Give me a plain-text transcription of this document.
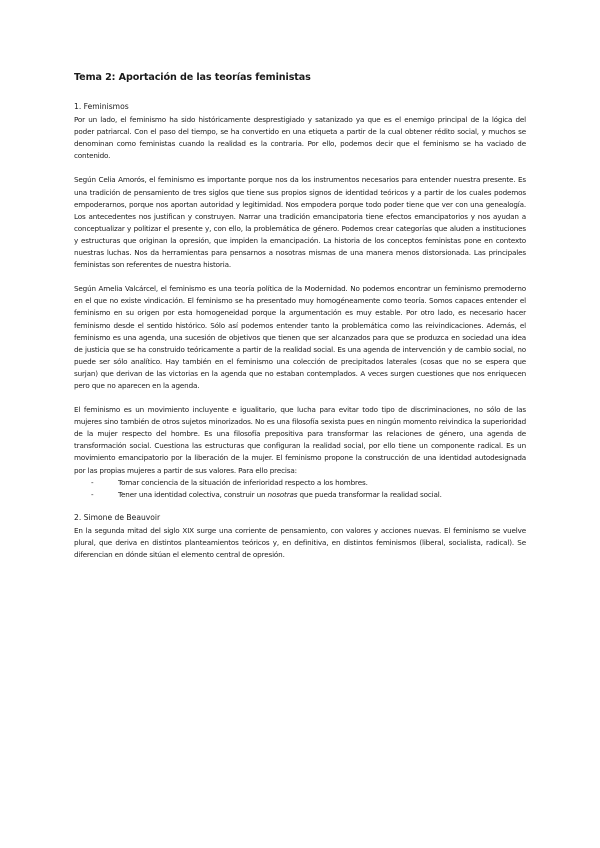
Tema 2: Aportación de las teorías feministas
1. Feminismos

Por un lado, el feminismo ha sido históricamente desprestigiado y satanizado ya que es el enemigo principal de la lógica del poder patriarcal. Con el paso del tiempo, se ha convertido en una etiqueta a partir de la cual obtener rédito social, y muchos se denominan como feministas cuando la realidad es la contraria. Por ello, podemos decir que el feminismo se ha vaciado de contenido.

Según Celia Amorós, el feminismo es importante porque nos da los instrumentos necesarios para entender nuestra presente. Es una tradición de pensamiento de tres siglos que tiene sus propios signos de identidad teóricos y a partir de los cuales podemos empoderarnos, porque nos aportan autoridad y legitimidad. Nos empodera porque todo poder tiene que ver con una genealogía. Los antecedentes nos justifican y construyen. Narrar una tradición emancipatoria tiene efectos emancipatorios y nos ayudan a conceptualizar y politizar el presente y, con ello, la problemática de género. Podemos crear categorías que aluden a instituciones y estructuras que originan la opresión, que impiden la emancipación. La historia de los conceptos feministas pone en contexto nuestras luchas. Nos da herramientas para pensarnos a nosotras mismas de una manera menos distorsionada. Las principales feministas son referentes de nuestra historia.

Según Amelia Valcárcel, el feminismo es una teoría política de la Modernidad. No podemos encontrar un feminismo premoderno en el que no existe vindicación. El feminismo se ha presentado muy homogéneamente como teoría. Somos capaces entender el feminismo en su origen por esta homogeneidad porque la argumentación es muy estable. Por otro lado, es necesario hacer feminismo desde el sentido histórico. Sólo así podemos entender tanto la problemática como las reivindicaciones. Además, el feminismo es una agenda, una sucesión de objetivos que tienen que ser alcanzados para que se produzca en sociedad una idea de justicia que se ha construido teóricamente a partir de la realidad social. Es una agenda de intervención y de cambio social, no puede ser sólo analítico. Hay también en el feminismo una colección de precipitados laterales (cosas que no se espera que surjan) que derivan de las victorias en la agenda que no estaban contemplados. A veces surgen cuestiones que nos enriquecen pero que no aparecen en la agenda.

El feminismo es un movimiento incluyente e igualitario, que lucha para evitar todo tipo de discriminaciones, no sólo de las mujeres sino también de otros sujetos minorizados. No es una filosofía sexista pues en ningún momento reivindica la superioridad de la mujer respecto del hombre. Es una filosofía prepositiva para transformar las relaciones de género, una agenda de transformación social. Cuestiona las estructuras que configuran la realidad social, por ello tiene un componente radical. Es un movimiento emancipatorio por la liberación de la mujer. El feminismo propone la construcción de una identidad autodesignada por las propias mujeres a partir de sus valores. Para ello precisa:

-	Tomar conciencia de la situación de inferioridad respecto a los hombres.
-	Tener una identidad colectiva, construir un nosotras que pueda transformar la realidad social.
2. Simone de Beauvoir

En la segunda mitad del siglo XIX surge una corriente de pensamiento, con valores y acciones nuevas. El feminismo se vuelve plural, que deriva en distintos planteamientos teóricos y, en definitiva, en distintos feminismos (liberal, socialista, radical). Se diferencian en dónde sitúan el elemento central de opresión.
